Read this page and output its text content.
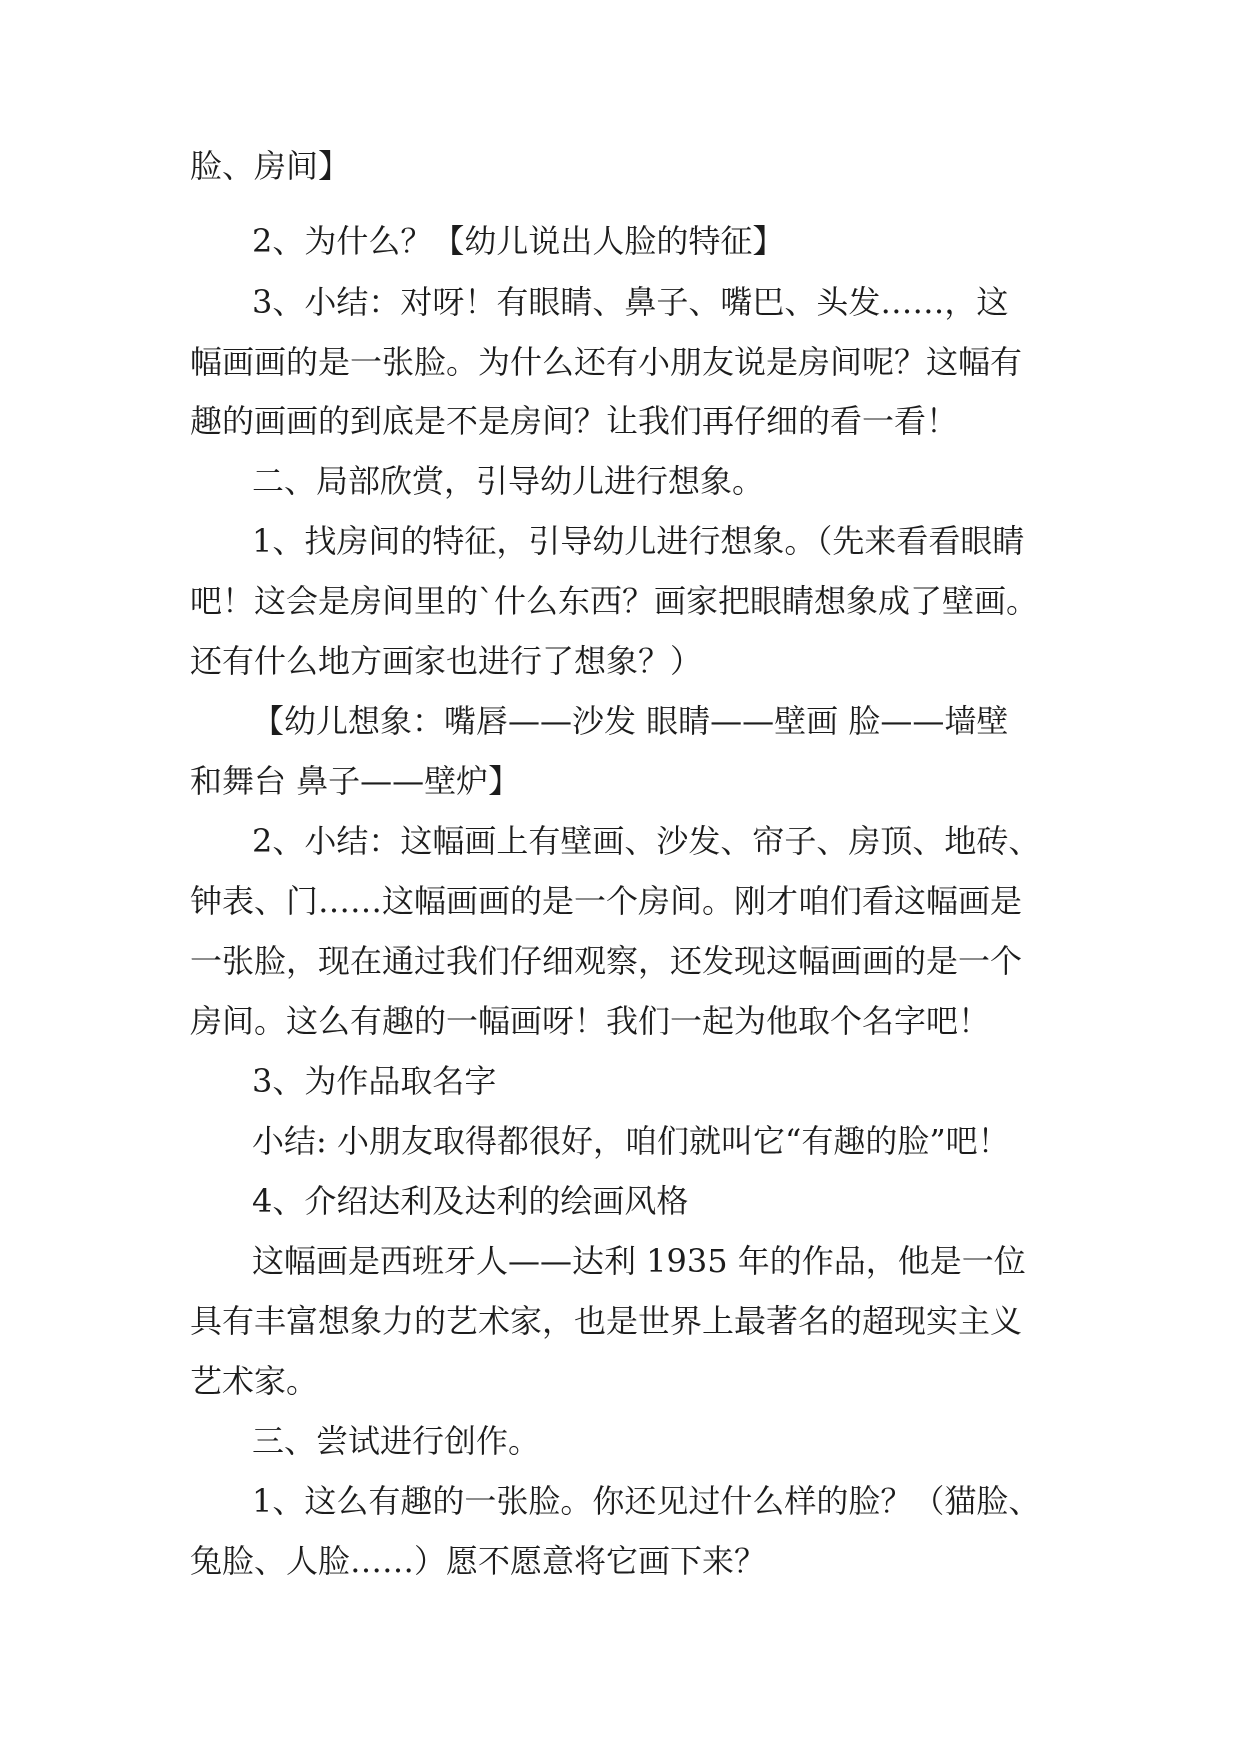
脸、房间】
2、为什么？【幼儿说出人脸的特征】
3、小结：对呀！有眼睛、鼻子、嘴巴、头发……，这
幅画画的是一张脸。为什么还有小朋友说是房间呢？这幅有
趣的画画的到底是不是房间？让我们再仔细的看一看！
二、局部欣赏，引导幼儿进行想象。
1、找房间的特征，引导幼儿进行想象。（先来看看眼睛
吧！这会是房间里的`什么东西？画家把眼睛想象成了壁画。
还有什么地方画家也进行了想象？）
【幼儿想象：嘴唇——沙发 眼睛——壁画 脸——墙壁
和舞台 鼻子——壁炉】
2、小结：这幅画上有壁画、沙发、帘子、房顶、地砖、
钟表、门……这幅画画的是一个房间。刚才咱们看这幅画是
一张脸，现在通过我们仔细观察，还发现这幅画画的是一个
房间。这么有趣的一幅画呀！我们一起为他取个名字吧！
3、为作品取名字
小结: 小朋友取得都很好，咱们就叫它“有趣的脸”吧！
4、介绍达利及达利的绘画风格
这幅画是西班牙人——达利 1935 年的作品，他是一位
具有丰富想象力的艺术家，也是世界上最著名的超现实主义
艺术家。
三、尝试进行创作。
1、这么有趣的一张脸。你还见过什么样的脸？（猫脸、
兔脸、人脸……）愿不愿意将它画下来？
